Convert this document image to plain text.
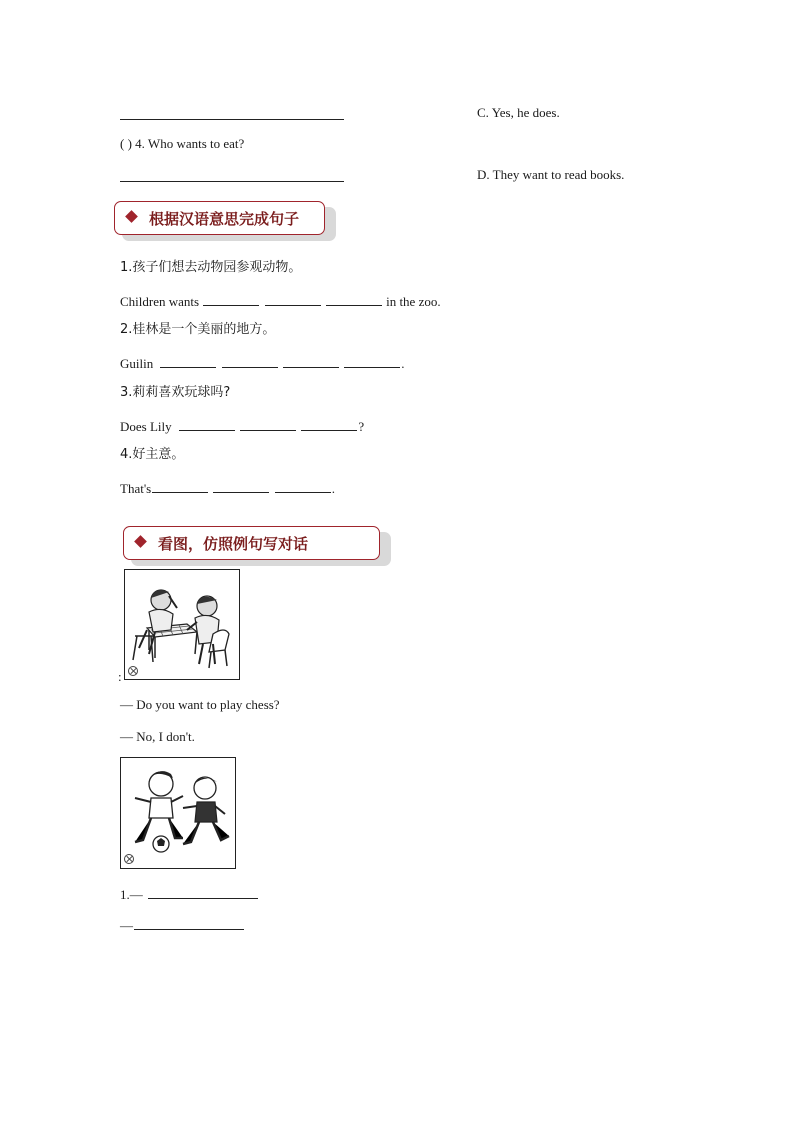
C. Yes, he does.
( ) 4. Who wants to eat?
D. They want to read books.
根据汉语意思完成句子
1.孩子们想去动物园参观动物。
Children wants	in the zoo.
2.桂林是一个美丽的地方。
Guilin	.
3.莉莉喜欢玩球吗?
Does Lily	?
4.好主意。
That's	.
看图，仿照例句写对话
:
— Do you want to play chess?
— No, I don't.
1.—
—
